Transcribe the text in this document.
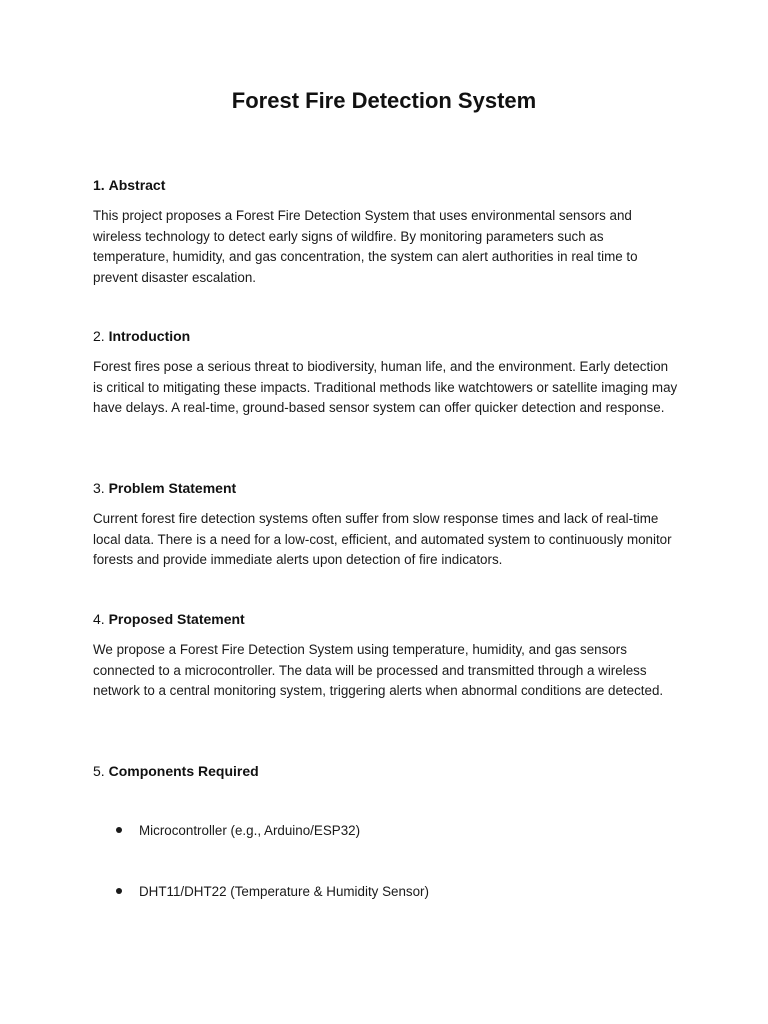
Forest Fire Detection System

1. Abstract

This project proposes a Forest Fire Detection System that uses environmental sensors and wireless technology to detect early signs of wildfire. By monitoring parameters such as temperature, humidity, and gas concentration, the system can alert authorities in real time to prevent disaster escalation.

2. Introduction

Forest fires pose a serious threat to biodiversity, human life, and the environment. Early detection is critical to mitigating these impacts. Traditional methods like watchtowers or satellite imaging may have delays. A real-time, ground-based sensor system can offer quicker detection and response.

3. Problem Statement

Current forest fire detection systems often suffer from slow response times and lack of real-time local data. There is a need for a low-cost, efficient, and automated system to continuously monitor forests and provide immediate alerts upon detection of fire indicators.

4. Proposed Statement

We propose a Forest Fire Detection System using temperature, humidity, and gas sensors connected to a microcontroller. The data will be processed and transmitted through a wireless network to a central monitoring system, triggering alerts when abnormal conditions are detected.

5. Components Required

Microcontroller (e.g., Arduino/ESP32)
DHT11/DHT22 (Temperature & Humidity Sensor)
